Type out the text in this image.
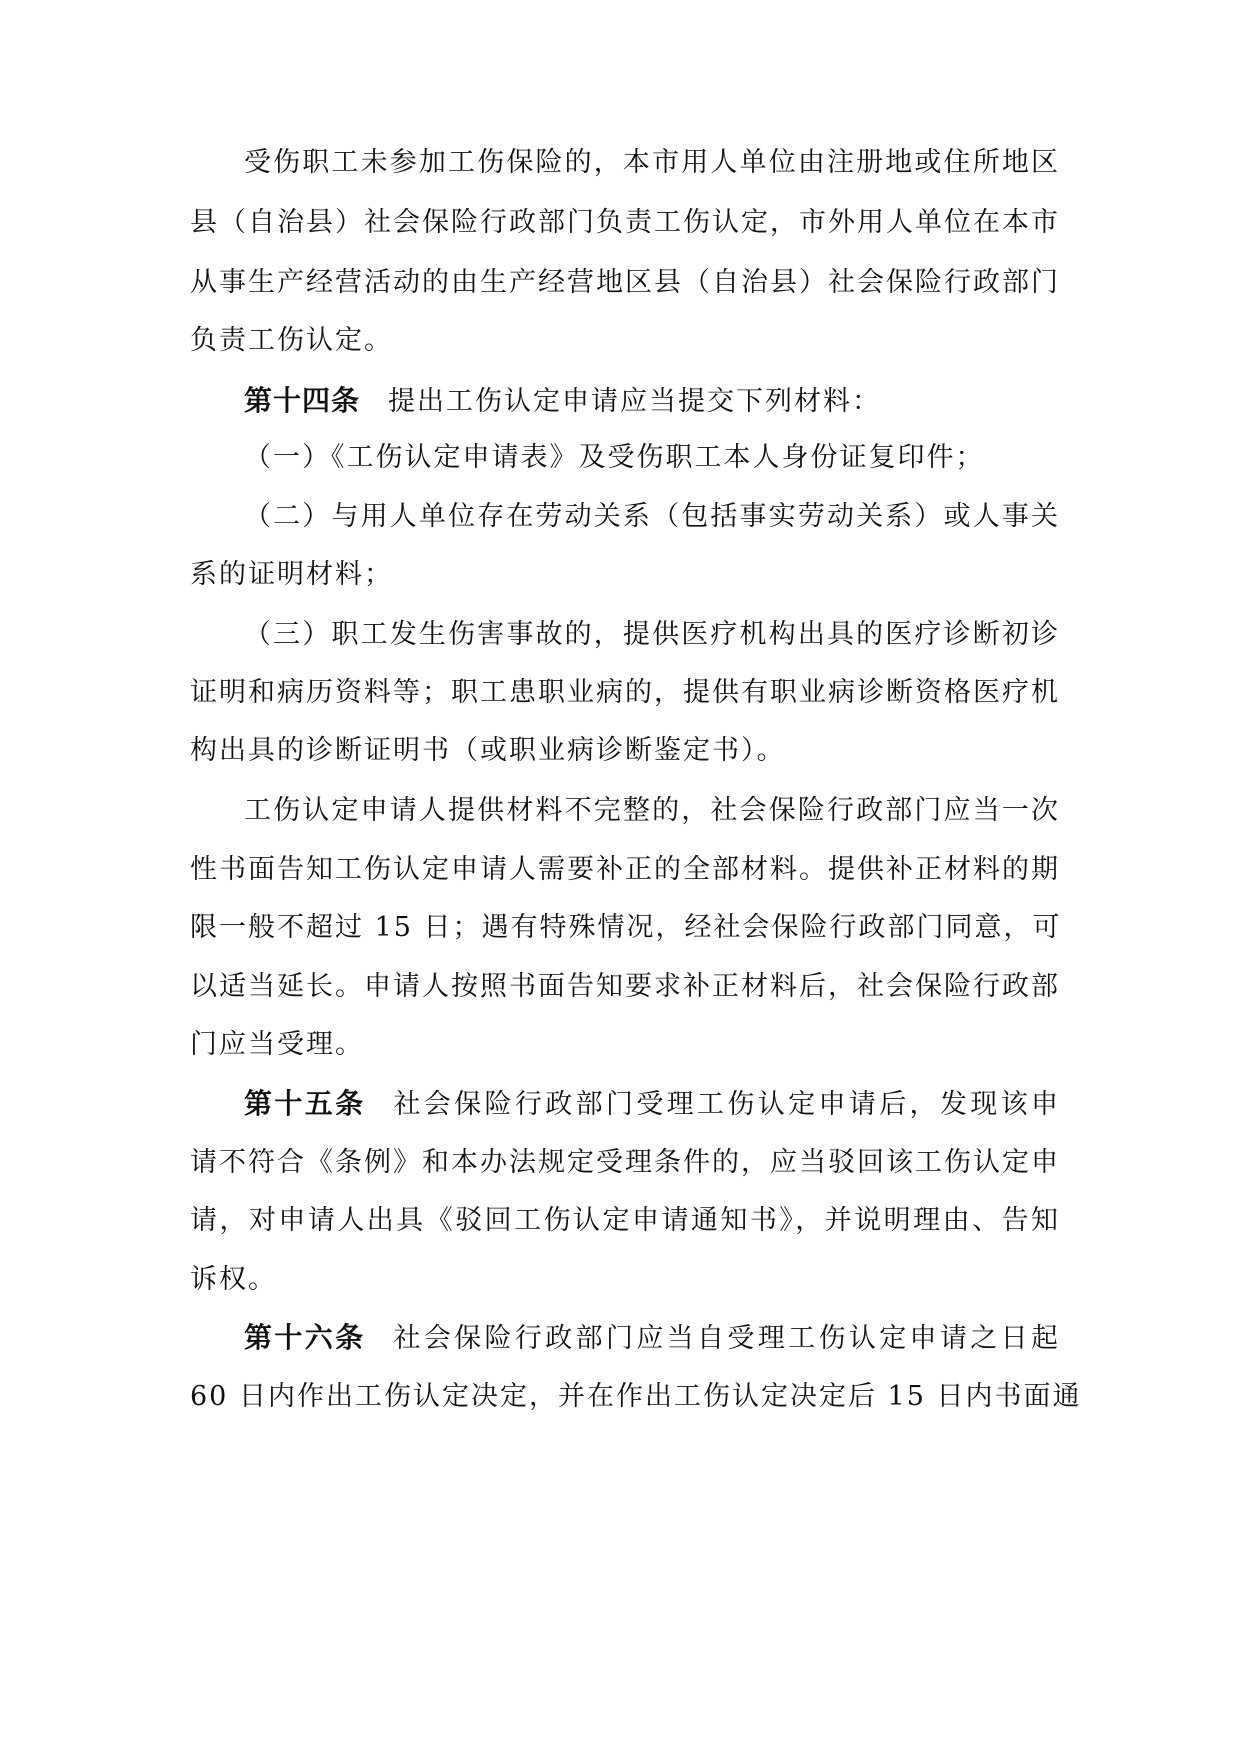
受伤职工未参加工伤保险的，本市用人单位由注册地或住所地区
县（自治县）社会保险行政部门负责工伤认定，市外用人单位在本市
从事生产经营活动的由生产经营地区县（自治县）社会保险行政部门
负责工伤认定。
第十四条 提出工伤认定申请应当提交下列材料：
（一）《工伤认定申请表》及受伤职工本人身份证复印件；
（二）与用人单位存在劳动关系（包括事实劳动关系）或人事关
系的证明材料；
（三）职工发生伤害事故的，提供医疗机构出具的医疗诊断初诊
证明和病历资料等；职工患职业病的，提供有职业病诊断资格医疗机
构出具的诊断证明书（或职业病诊断鉴定书）。
工伤认定申请人提供材料不完整的，社会保险行政部门应当一次
性书面告知工伤认定申请人需要补正的全部材料。提供补正材料的期
限一般不超过 15 日；遇有特殊情况，经社会保险行政部门同意，可
以适当延长。申请人按照书面告知要求补正材料后，社会保险行政部
门应当受理。
第十五条 社会保险行政部门受理工伤认定申请后，发现该申
请不符合《条例》和本办法规定受理条件的，应当驳回该工伤认定申
请，对申请人出具《驳回工伤认定申请通知书》，并说明理由、告知
诉权。
第十六条 社会保险行政部门应当自受理工伤认定申请之日起
60 日内作出工伤认定决定，并在作出工伤认定决定后 15 日内书面通
